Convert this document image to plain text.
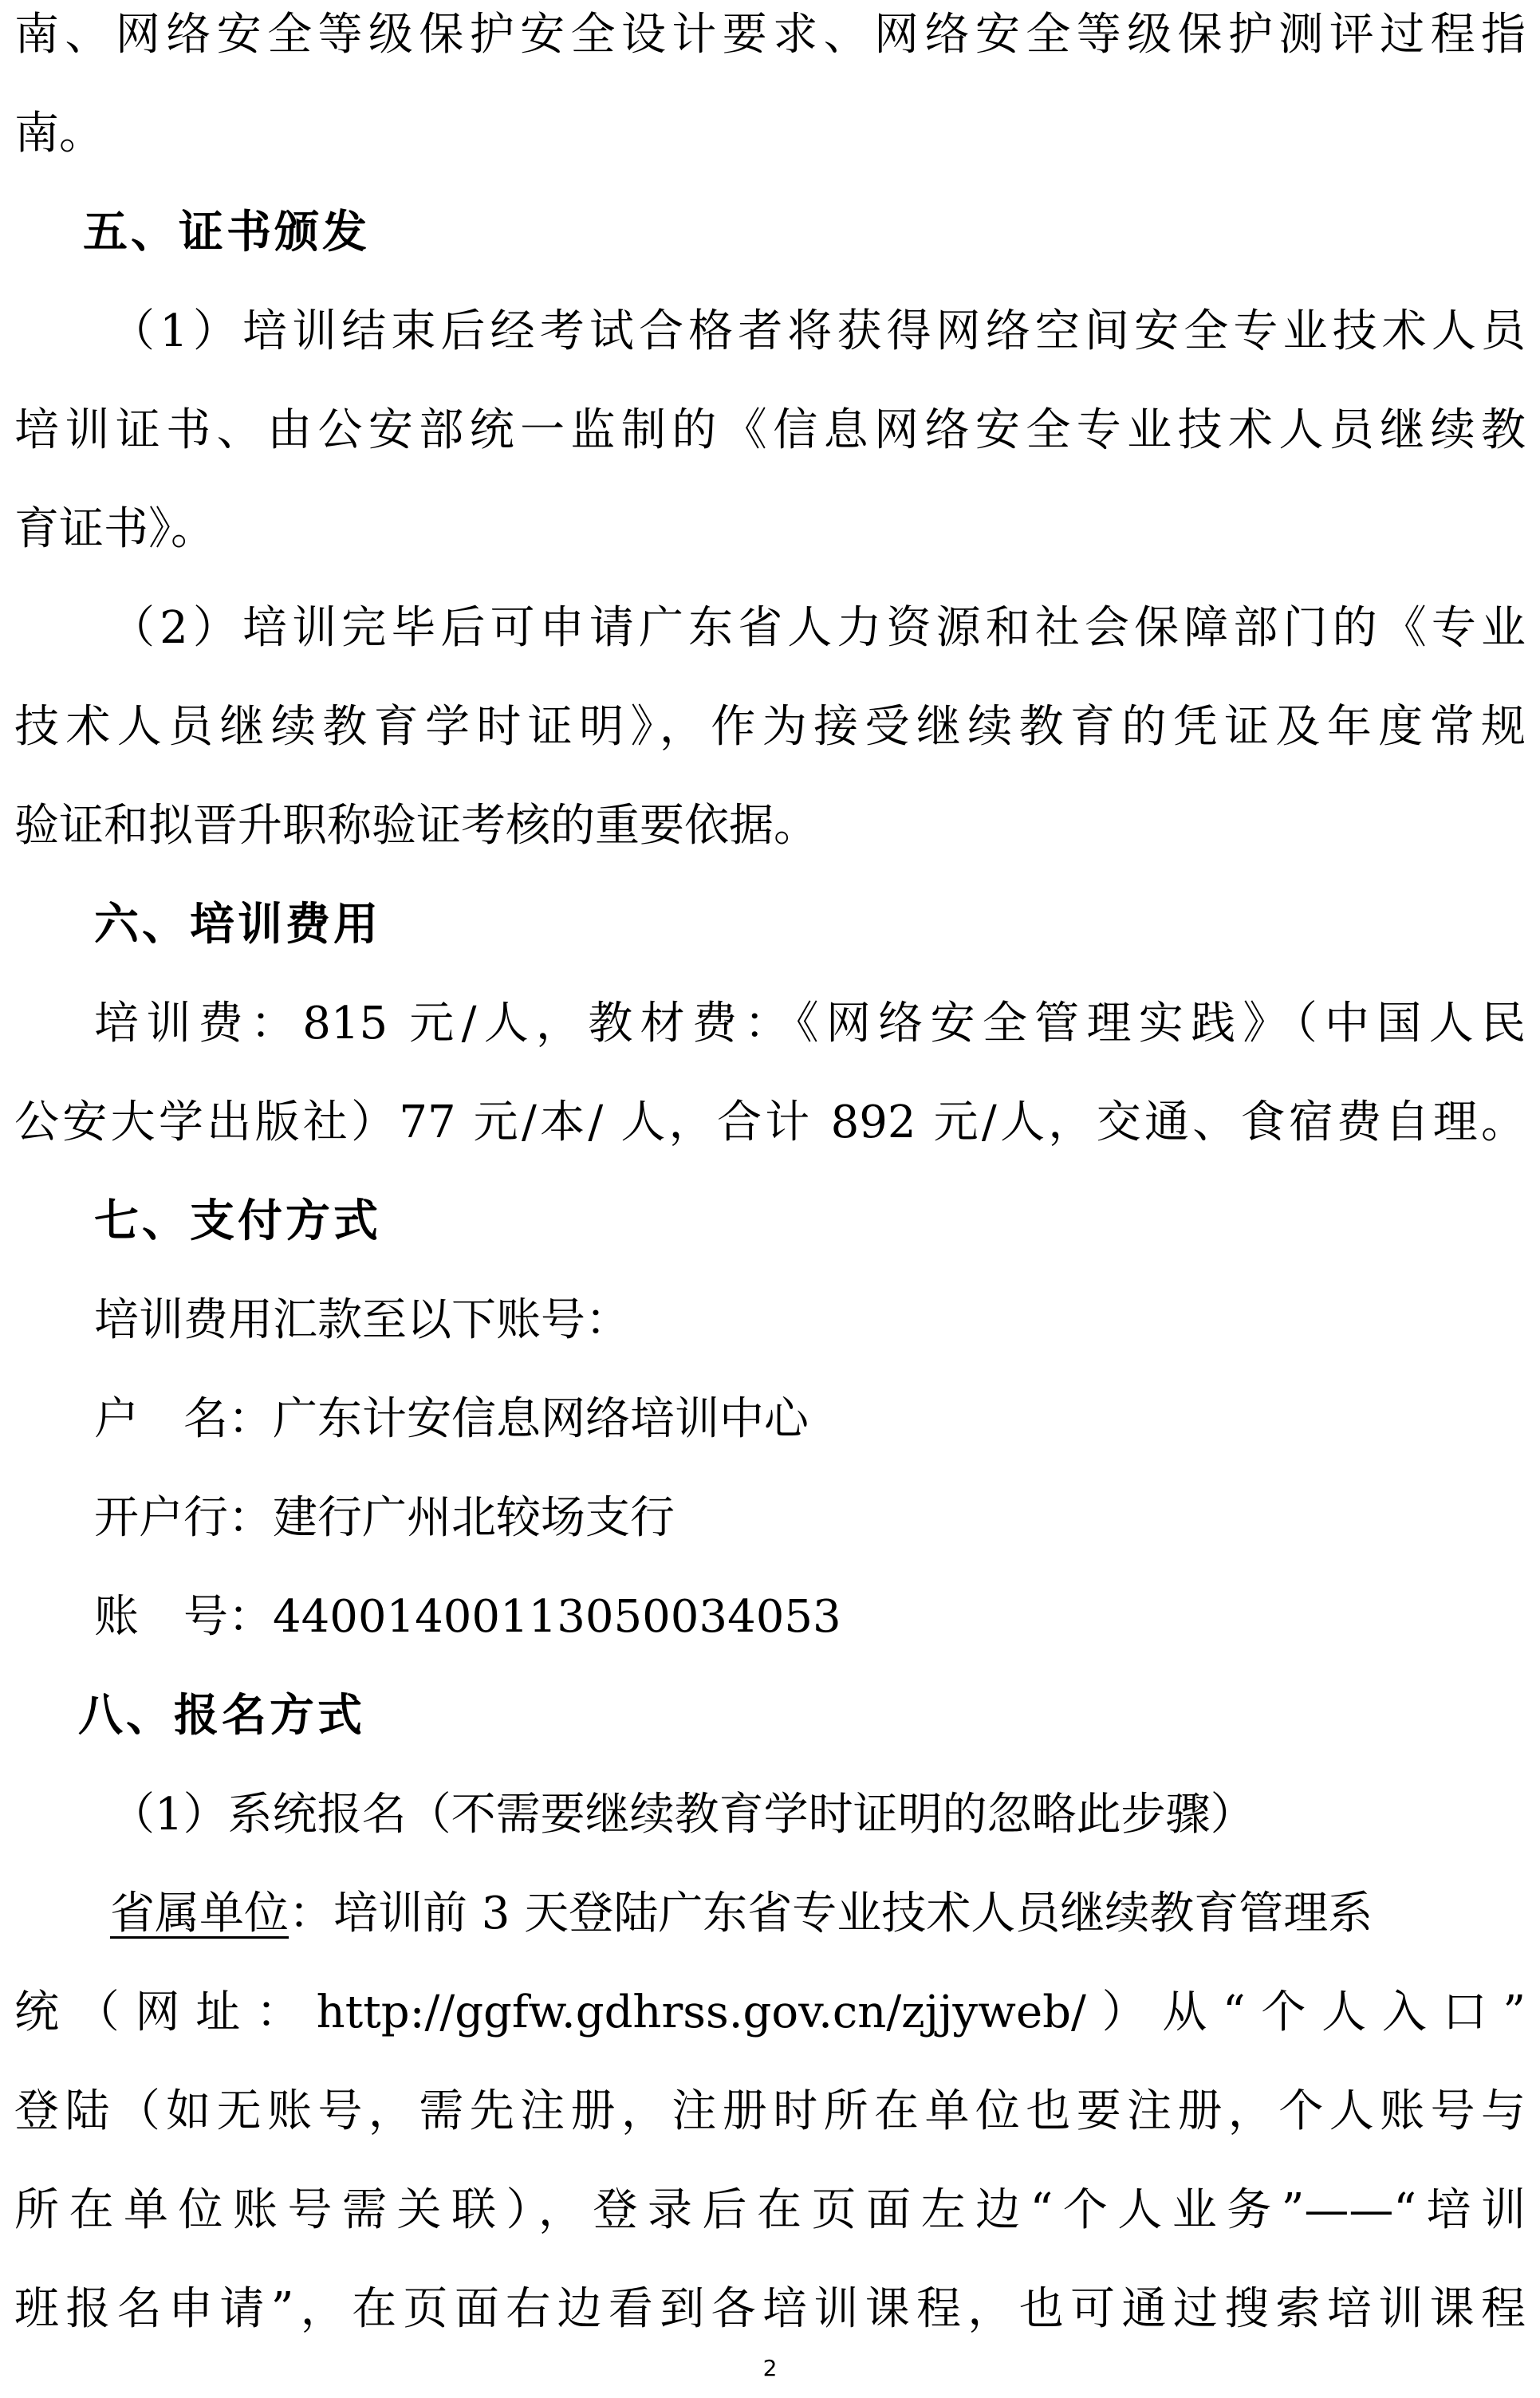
南、网络安全等级保护安全设计要求、网络安全等级保护测评过程指

南。

五、证书颁发

（1）培训结束后经考试合格者将获得网络空间安全专业技术人员

培训证书、由公安部统一监制的《信息网络安全专业技术人员继续教

育证书》。

（2）培训完毕后可申请广东省人力资源和社会保障部门的《专业

技术人员继续教育学时证明》，作为接受继续教育的凭证及年度常规

验证和拟晋升职称验证考核的重要依据。

六、培训费用

培训费：815 元/人，教材费：《网络安全管理实践》（中国人民

公安大学出版社）77 元/本/ 人，合计 892 元/人，交通、食宿费自理。

七、支付方式

培训费用汇款至以下账号：

户　名：广东计安信息网络培训中心

开户行：建行广州北较场支行

账　号：44001400113050034053

八、报名方式

（1）系统报名（不需要继续教育学时证明的忽略此步骤）

省属单位：培训前 3 天登陆广东省专业技术人员继续教育管理系

统（网址：http://ggfw.gdhrss.gov.cn/zjjyweb/）从“个人入口”

登陆（如无账号，需先注册，注册时所在单位也要注册，个人账号与

所在单位账号需关联），登录后在页面左边“个人业务”——“培训

班报名申请”，在页面右边看到各培训课程，也可通过搜索培训课程

2
